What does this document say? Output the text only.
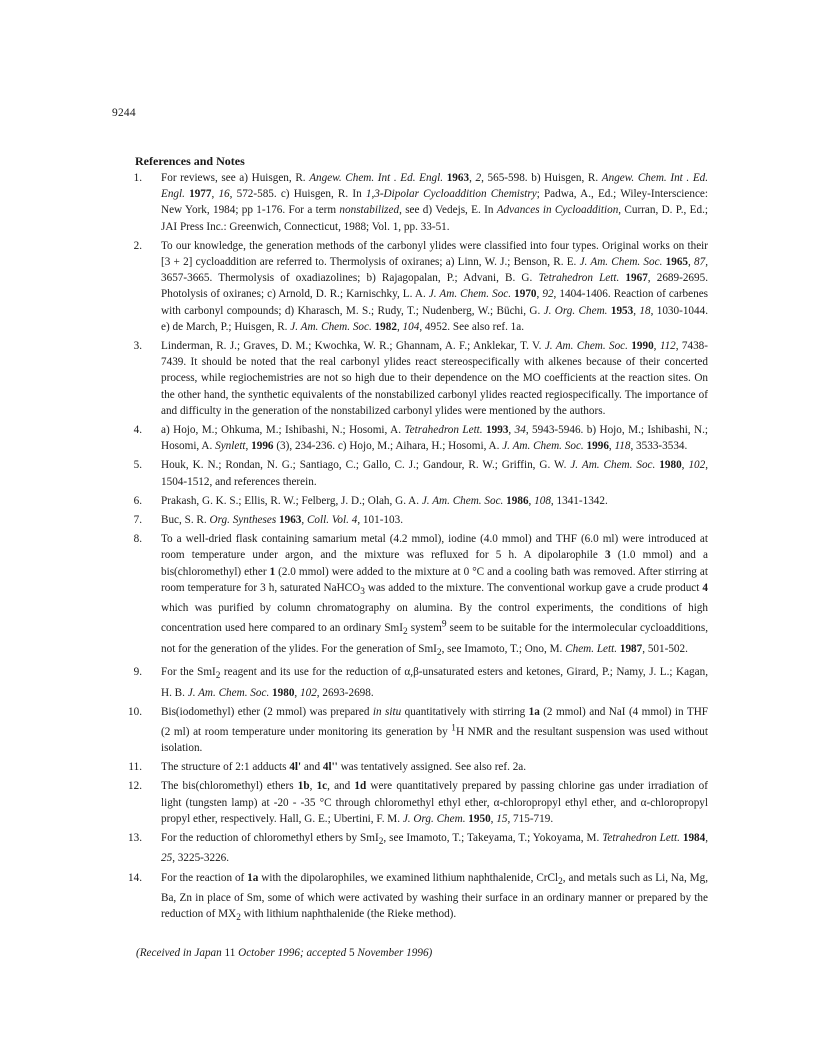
9244
References and Notes
1. For reviews, see a) Huisgen, R. Angew. Chem. Int . Ed. Engl. 1963, 2, 565-598. b) Huisgen, R. Angew. Chem. Int . Ed. Engl. 1977, 16, 572-585. c) Huisgen, R. In 1,3-Dipolar Cycloaddition Chemistry; Padwa, A., Ed.; Wiley-Interscience: New York, 1984; pp 1-176. For a term nonstabilized, see d) Vedejs, E. In Advances in Cycloaddition, Curran, D. P., Ed.; JAI Press Inc.: Greenwich, Connecticut, 1988; Vol. 1, pp. 33-51.
2. To our knowledge, the generation methods of the carbonyl ylides were classified into four types. Original works on their [3 + 2] cycloaddition are referred to. Thermolysis of oxiranes; a) Linn, W. J.; Benson, R. E. J. Am. Chem. Soc. 1965, 87, 3657-3665. Thermolysis of oxadiazolines; b) Rajagopalan, P.; Advani, B. G. Tetrahedron Lett. 1967, 2689-2695. Photolysis of oxiranes; c) Arnold, D. R.; Karnischky, L. A. J. Am. Chem. Soc. 1970, 92, 1404-1406. Reaction of carbenes with carbonyl compounds; d) Kharasch, M. S.; Rudy, T.; Nudenberg, W.; Büchi, G. J. Org. Chem. 1953, 18, 1030-1044. e) de March, P.; Huisgen, R. J. Am. Chem. Soc. 1982, 104, 4952. See also ref. 1a.
3. Linderman, R. J.; Graves, D. M.; Kwochka, W. R.; Ghannam, A. F.; Anklekar, T. V. J. Am. Chem. Soc. 1990, 112, 7438-7439. It should be noted that the real carbonyl ylides react stereospecifically with alkenes because of their concerted process, while regiochemistries are not so high due to their dependence on the MO coefficients at the reaction sites. On the other hand, the synthetic equivalents of the nonstabilized carbonyl ylides reacted regiospecifically. The importance of and difficulty in the generation of the nonstabilized carbonyl ylides were mentioned by the authors.
4. a) Hojo, M.; Ohkuma, M.; Ishibashi, N.; Hosomi, A. Tetrahedron Lett. 1993, 34, 5943-5946. b) Hojo, M.; Ishibashi, N.; Hosomi, A. Synlett, 1996 (3), 234-236. c) Hojo, M.; Aihara, H.; Hosomi, A. J. Am. Chem. Soc. 1996, 118, 3533-3534.
5. Houk, K. N.; Rondan, N. G.; Santiago, C.; Gallo, C. J.; Gandour, R. W.; Griffin, G. W. J. Am. Chem. Soc. 1980, 102, 1504-1512, and references therein.
6. Prakash, G. K. S.; Ellis, R. W.; Felberg, J. D.; Olah, G. A. J. Am. Chem. Soc. 1986, 108, 1341-1342.
7. Buc, S. R. Org. Syntheses 1963, Coll. Vol. 4, 101-103.
8. To a well-dried flask containing samarium metal (4.2 mmol), iodine (4.0 mmol) and THF (6.0 ml) were introduced at room temperature under argon, and the mixture was refluxed for 5 h. A dipolarophile 3 (1.0 mmol) and a bis(chloromethyl) ether 1 (2.0 mmol) were added to the mixture at 0 °C and a cooling bath was removed. After stirring at room temperature for 3 h, saturated NaHCO$_3$ was added to the mixture. The conventional workup gave a crude product 4 which was purified by column chromatography on alumina. By the control experiments, the conditions of high concentration used here compared to an ordinary SmI$_2$ system$^9$ seem to be suitable for the intermolecular cycloadditions, not for the generation of the ylides. For the generation of SmI$_2$, see Imamoto, T.; Ono, M. Chem. Lett. 1987, 501-502.
9. For the SmI$_2$ reagent and its use for the reduction of α,β-unsaturated esters and ketones, Girard, P.; Namy, J. L.; Kagan, H. B. J. Am. Chem. Soc. 1980, 102, 2693-2698.
10. Bis(iodomethyl) ether (2 mmol) was prepared in situ quantitatively with stirring 1a (2 mmol) and NaI (4 mmol) in THF (2 ml) at room temperature under monitoring its generation by $^1$H NMR and the resultant suspension was used without isolation.
11. The structure of 2:1 adducts 4l' and 4l'' was tentatively assigned. See also ref. 2a.
12. The bis(chloromethyl) ethers 1b, 1c, and 1d were quantitatively prepared by passing chlorine gas under irradiation of light (tungsten lamp) at -20 - -35 °C through chloromethyl ethyl ether, α-chloropropyl ethyl ether, and α-chloropropyl propyl ether, respectively. Hall, G. E.; Ubertini, F. M. J. Org. Chem. 1950, 15, 715-719.
13. For the reduction of chloromethyl ethers by SmI$_2$, see Imamoto, T.; Takeyama, T.; Yokoyama, M. Tetrahedron Lett. 1984, 25, 3225-3226.
14. For the reaction of 1a with the dipolarophiles, we examined lithium naphthalenide, CrCl$_2$, and metals such as Li, Na, Mg, Ba, Zn in place of Sm, some of which were activated by washing their surface in an ordinary manner or prepared by the reduction of $MX_2$ with lithium naphthalenide (the Rieke method).
(Received in Japan 11 October 1996; accepted 5 November 1996)
